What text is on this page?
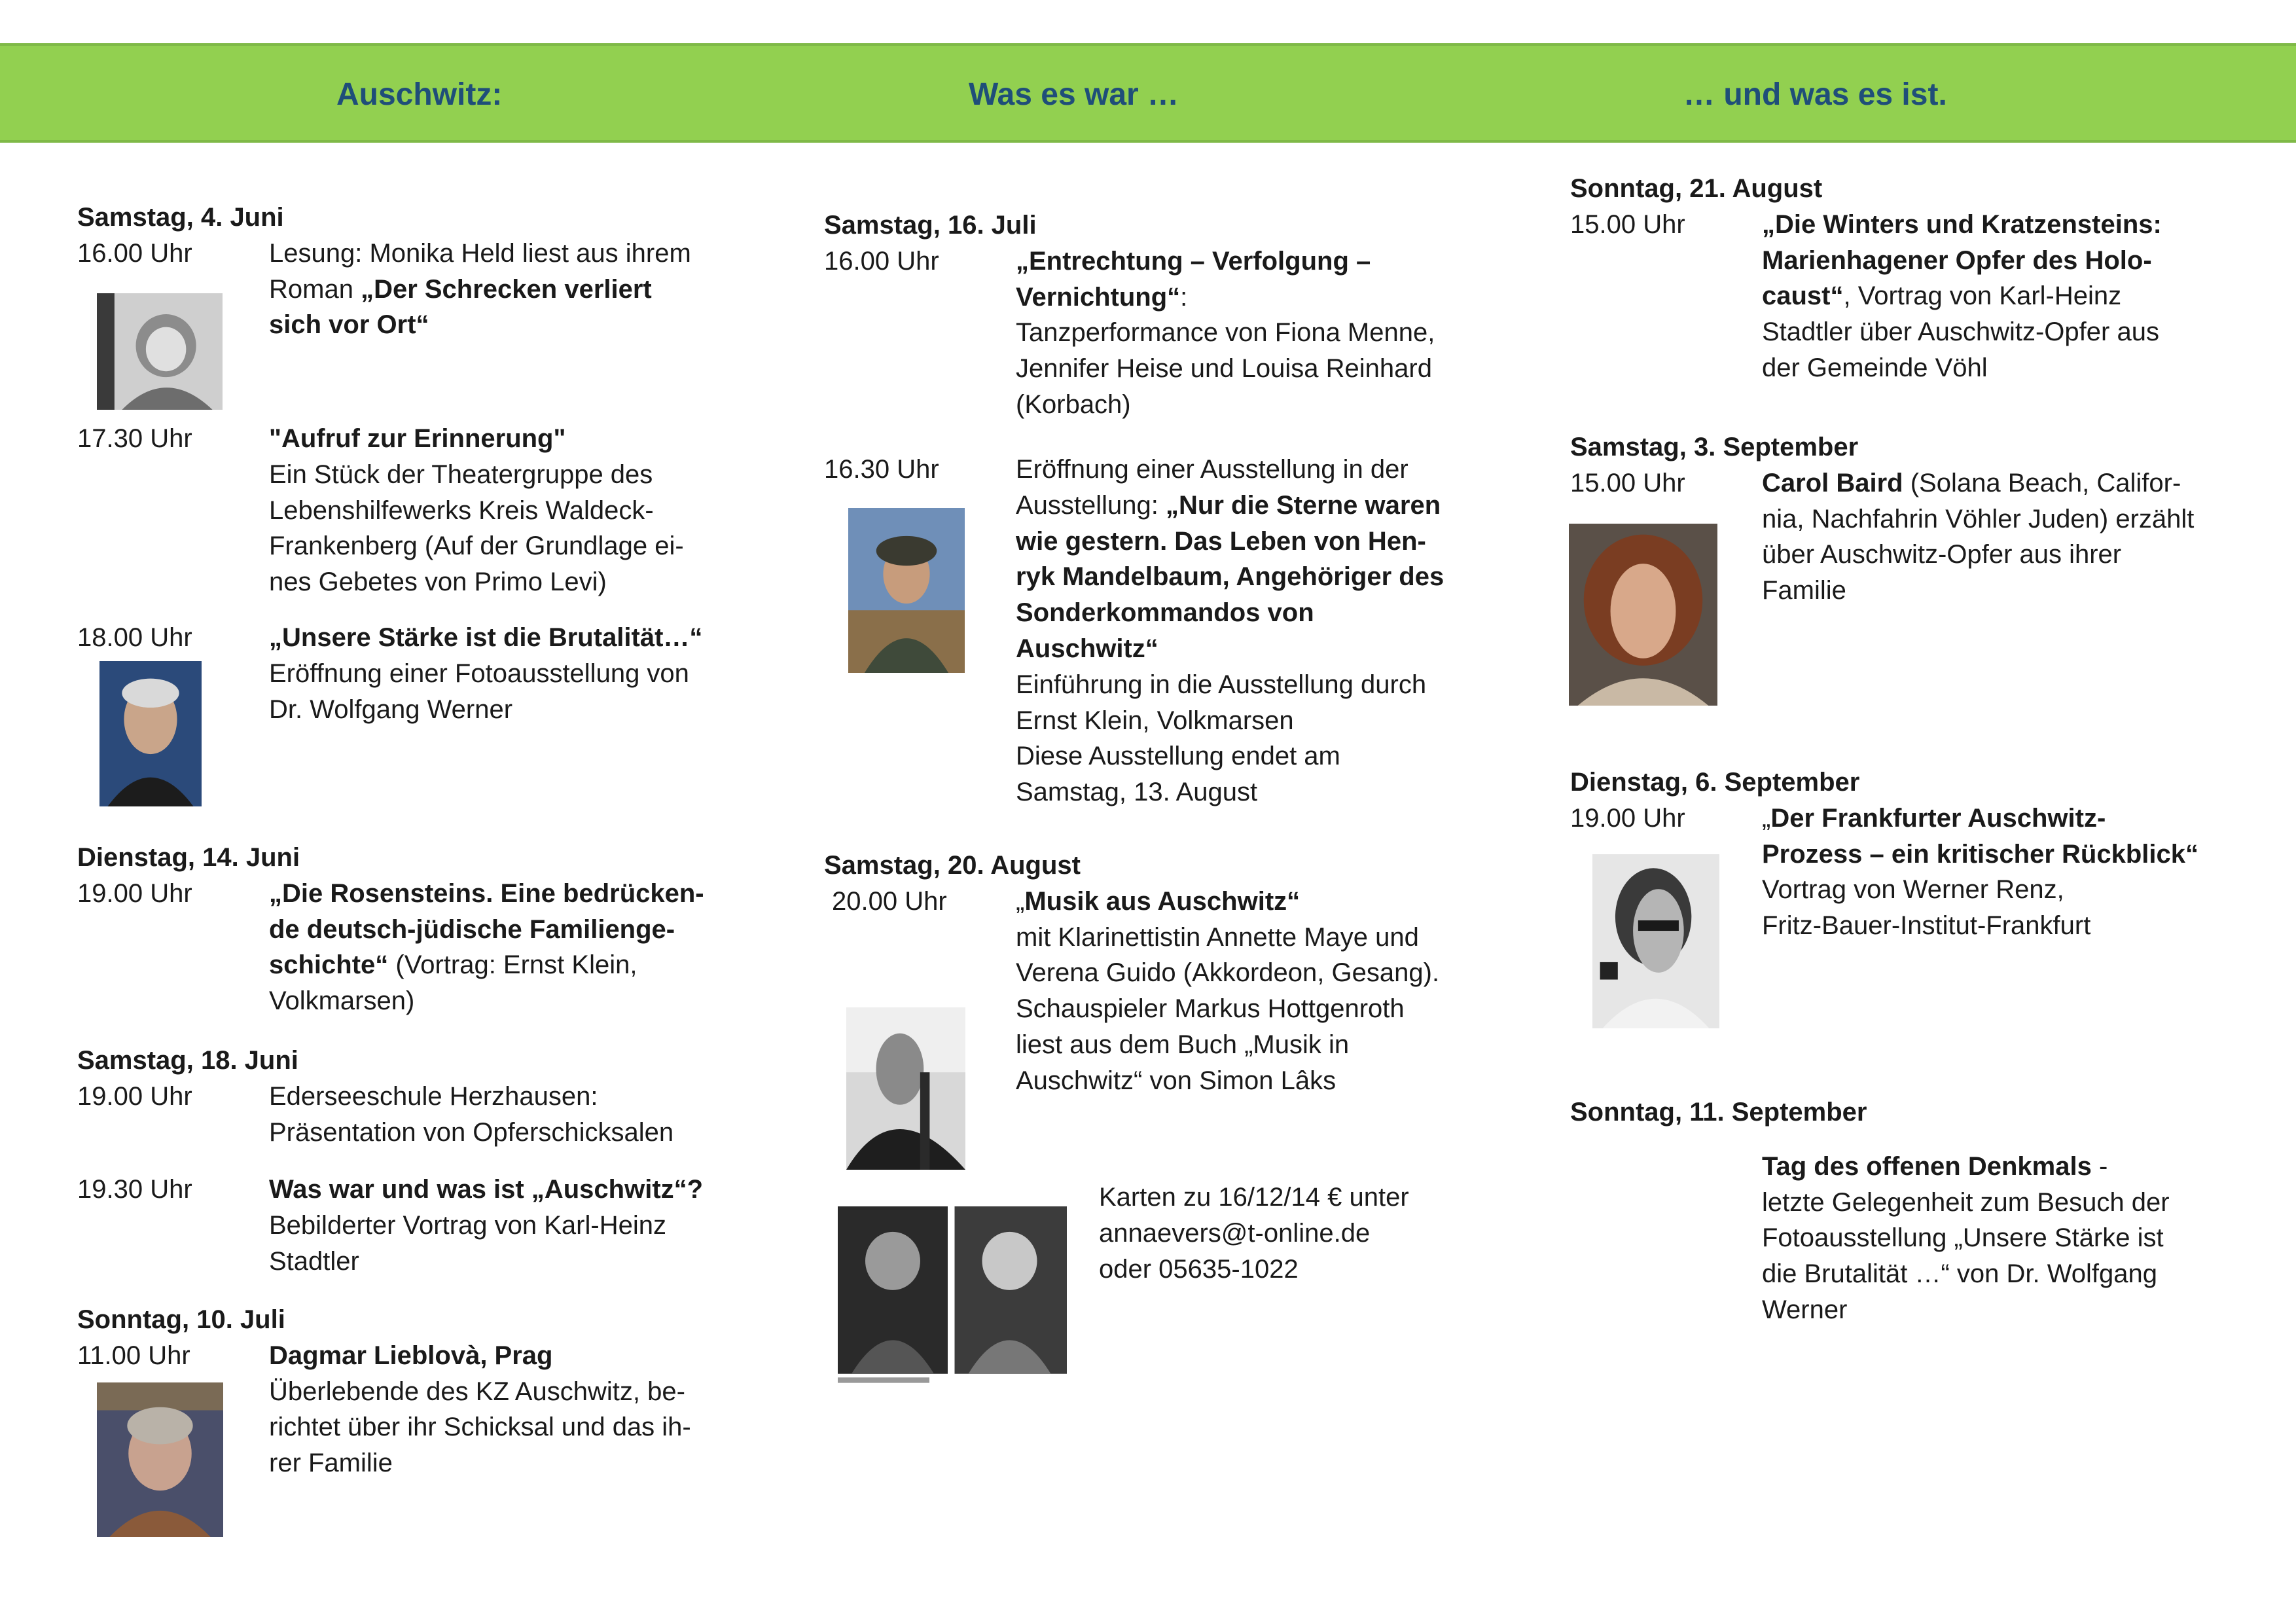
Auschwitz:	Was es war …	… und was es ist.
Samstag, 4. Juni
16.00 Uhr	Lesung: Monika Held liest aus ihrem
Roman „Der Schrecken verliert
sich vor Ort“
17.30 Uhr	"Aufruf zur Erinnerung"
Ein Stück der Theatergruppe des
Lebenshilfewerks Kreis Waldeck-
Frankenberg (Auf der Grundlage ei-
nes Gebetes von Primo Levi)
18.00 Uhr	„Unsere Stärke ist die Brutalität…“
Eröffnung einer Fotoausstellung von
Dr. Wolfgang Werner
Dienstag, 14. Juni
19.00 Uhr	„Die Rosensteins. Eine bedrücken-
de deutsch-jüdische Familienge-
schichte“ (Vortrag: Ernst Klein,
Volkmarsen)
Samstag, 18. Juni
19.00 Uhr	Ederseeschule Herzhausen:
Präsentation von Opferschicksalen
19.30 Uhr	Was war und was ist „Auschwitz“?
Bebilderter Vortrag von Karl-Heinz
Stadtler
Sonntag, 10. Juli
11.00 Uhr	Dagmar Lieblovà, Prag
Überlebende des KZ Auschwitz, be-
richtet über ihr Schicksal und das ih-
rer Familie
Samstag, 16. Juli
16.00 Uhr	„Entrechtung – Verfolgung –
Vernichtung“:
Tanzperformance von Fiona Menne,
Jennifer Heise und Louisa Reinhard
(Korbach)
16.30 Uhr	Eröffnung einer Ausstellung in der
Ausstellung: „Nur die Sterne waren
wie gestern. Das Leben von Hen-
ryk Mandelbaum, Angehöriger des
Sonderkommandos von
Auschwitz“
Einführung in die Ausstellung durch
Ernst Klein, Volkmarsen
Diese Ausstellung endet am
Samstag, 13. August
Samstag, 20. August
20.00 Uhr	„Musik aus Auschwitz“
mit Klarinettistin Annette Maye und
Verena Guido (Akkordeon, Gesang).
Schauspieler Markus Hottgenroth
liest aus dem Buch „Musik in
Auschwitz“ von Simon Lâks
Karten zu 16/12/14 € unter
annaevers@t-online.de
oder 05635-1022
Sonntag, 21. August
15.00 Uhr	„Die Winters und Kratzensteins:
Marienhagener Opfer des Holo-
caust“, Vortrag von Karl-Heinz
Stadtler über Auschwitz-Opfer aus
der Gemeinde Vöhl
Samstag, 3. September
15.00 Uhr	Carol Baird (Solana Beach, Califor-
nia, Nachfahrin Vöhler Juden) erzählt
über Auschwitz-Opfer aus ihrer
Familie
Dienstag, 6. September
19.00 Uhr	„Der Frankfurter Auschwitz-
Prozess – ein kritischer Rückblick“
Vortrag von Werner Renz,
Fritz-Bauer-Institut-Frankfurt
Sonntag, 11. September
Tag des offenen Denkmals -
letzte Gelegenheit zum Besuch der
Fotoausstellung „Unsere Stärke ist
die Brutalität …“ von Dr. Wolfgang
Werner
